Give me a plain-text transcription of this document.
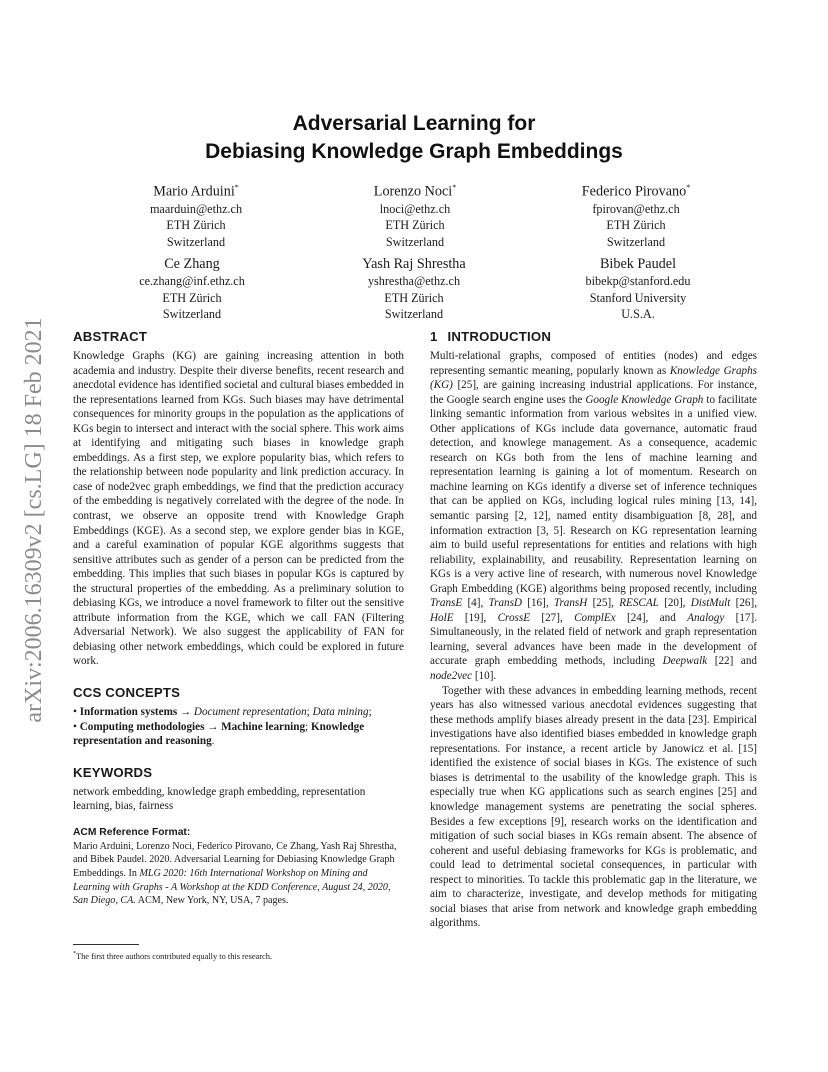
arXiv:2006.16309v2 [cs.LG] 18 Feb 2021
Adversarial Learning for
Debiasing Knowledge Graph Embeddings
Mario Arduini*
maarduin@ethz.ch
ETH Zürich
Switzerland
Lorenzo Noci*
lnoci@ethz.ch
ETH Zürich
Switzerland
Federico Pirovano*
fpirovan@ethz.ch
ETH Zürich
Switzerland
Ce Zhang
ce.zhang@inf.ethz.ch
ETH Zürich
Switzerland
Yash Raj Shrestha
yshrestha@ethz.ch
ETH Zürich
Switzerland
Bibek Paudel
bibekp@stanford.edu
Stanford University
U.S.A.
ABSTRACT

Knowledge Graphs (KG) are gaining increasing attention in both academia and industry. Despite their diverse benefits, recent research and anecdotal evidence has identified societal and cultural biases embedded in the representations learned from KGs. Such biases may have detrimental consequences for minority groups in the population as the applications of KGs begin to intersect and interact with the social sphere. This work aims at identifying and mitigating such biases in knowledge graph embeddings. As a first step, we explore popularity bias, which refers to the relationship between node popularity and link prediction accuracy. In case of node2vec graph embeddings, we find that the prediction accuracy of the embedding is negatively correlated with the degree of the node. In contrast, we observe an opposite trend with Knowledge Graph Embeddings (KGE). As a second step, we explore gender bias in KGE, and a careful examination of popular KGE algorithms suggests that sensitive attributes such as gender of a person can be predicted from the embedding. This implies that such biases in popular KGs is captured by the structural properties of the embedding. As a preliminary solution to debiasing KGs, we introduce a novel framework to filter out the sensitive attribute information from the KGE, which we call FAN (Filtering Adversarial Network). We also suggest the applicability of FAN for debiasing other network embeddings, which could be explored in future work.

CCS CONCEPTS

• Information systems → Document representation; Data mining;

• Computing methodologies → Machine learning; Knowledge representation and reasoning.

KEYWORDS

network embedding, knowledge graph embedding, representation learning, bias, fairness

ACM Reference Format:

Mario Arduini, Lorenzo Noci, Federico Pirovano, Ce Zhang, Yash Raj Shrestha, and Bibek Paudel. 2020. Adversarial Learning for Debiasing Knowledge Graph Embeddings. In MLG 2020: 16th International Workshop on Mining and Learning with Graphs - A Workshop at the KDD Conference, August 24, 2020, San Diego, CA. ACM, New York, NY, USA, 7 pages.

*The first three authors contributed equally to this research.
1 INTRODUCTION

Multi-relational graphs, composed of entities (nodes) and edges representing semantic meaning, popularly known as Knowledge Graphs (KG) [25], are gaining increasing industrial applications. For instance, the Google search engine uses the Google Knowledge Graph to facilitate linking semantic information from various websites in a unified view. Other applications of KGs include data governance, automatic fraud detection, and knowlege management. As a consequence, academic research on KGs both from the lens of machine learning and representation learning is gaining a lot of momentum. Research on machine learning on KGs identify a diverse set of inference techniques that can be applied on KGs, including logical rules mining [13, 14], semantic parsing [2, 12], named entity disambiguation [8, 28], and information extraction [3, 5]. Research on KG representation learning aim to build useful representations for entities and relations with high reliability, explainability, and reusability. Representation learning on KGs is a very active line of research, with numerous novel Knowledge Graph Embedding (KGE) algorithms being proposed recently, including TransE [4], TransD [16], TransH [25], RESCAL [20], DistMult [26], HolE [19], CrossE [27], ComplEx [24], and Analogy [17]. Simultaneously, in the related field of network and graph representation learning, several advances have been made in the development of accurate graph embedding methods, including Deepwalk [22] and node2vec [10].

Together with these advances in embedding learning methods, recent years has also witnessed various anecdotal evidences suggesting that these methods amplify biases already present in the data [23]. Empirical investigations have also identified biases embedded in knowledge graph representations. For instance, a recent article by Janowicz et al. [15] identified the existence of social biases in KGs. The existence of such biases is detrimental to the usability of the knowledge graph. This is especially true when KG applications such as search engines [25] and knowledge management systems are penetrating the social spheres. Besides a few exceptions [9], research works on the identification and mitigation of such social biases in KGs remain absent. The absence of coherent and useful debiasing frameworks for KGs is problematic, and could lead to detrimental societal consequences, in particular with respect to minorities. To tackle this problematic gap in the literature, we aim to characterize, investigate, and develop methods for mitigating social biases that arise from network and knowledge graph embedding algorithms.
